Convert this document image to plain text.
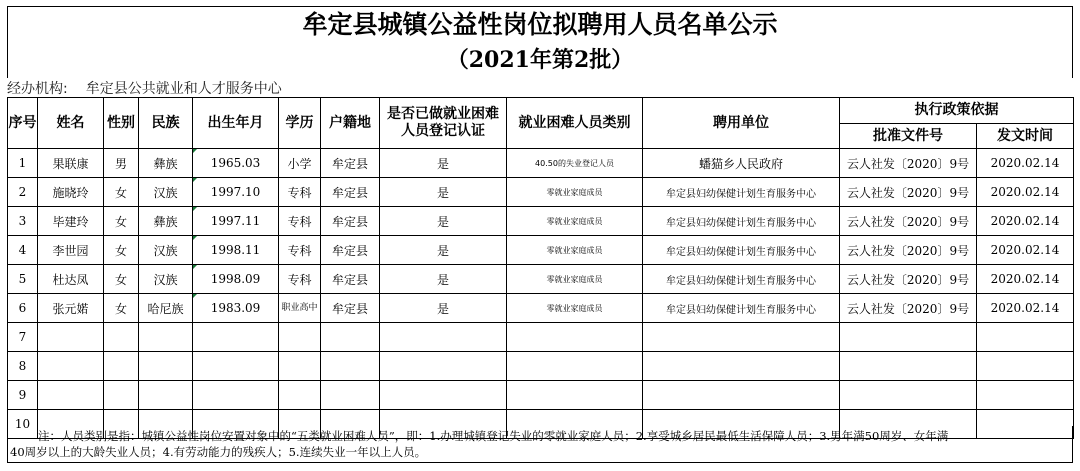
牟定县城镇公益性岗位拟聘用人员名单公示
（2021年第2批）
经办机构: 牟定县公共就业和人才服务中心
序号	姓名	性别	民族	出生年月	学历	户籍地	是否已做就业困难人员登记认证	就业困难人员类别	聘用单位	执行政策依据	
										批准文件号	发文时间
1	果联康	男	彝族	1965.03	小学	牟定县	是	40.50的失业登记人员	蟠猫乡人民政府	云人社发〔2020〕9号	2020.02.14
2	施晓玲	女	汉族	1997.10	专科	牟定县	是	零就业家庭成员	牟定县妇幼保健计划生育服务中心	云人社发〔2020〕9号	2020.02.14
3	毕建玲	女	彝族	1997.11	专科	牟定县	是	零就业家庭成员	牟定县妇幼保健计划生育服务中心	云人社发〔2020〕9号	2020.02.14
4	李世园	女	汉族	1998.11	专科	牟定县	是	零就业家庭成员	牟定县妇幼保健计划生育服务中心	云人社发〔2020〕9号	2020.02.14
5	杜达凤	女	汉族	1998.09	专科	牟定县	是	零就业家庭成员	牟定县妇幼保健计划生育服务中心	云人社发〔2020〕9号	2020.02.14
6	张元婼	女	哈尼族	1983.09	职业高中	牟定县	是	零就业家庭成员	牟定县妇幼保健计划生育服务中心	云人社发〔2020〕9号	2020.02.14
7											
8											
9											
10											
注：人员类别是指：城镇公益性岗位安置对象中的“五类就业困难人员”，即：1.办理城镇登记失业的零就业家庭人员；2.享受城乡居民最低生活保障人员；3.男年满50周岁、女年满
40周岁以上的大龄失业人员；4.有劳动能力的残疾人；5.连续失业一年以上人员。
